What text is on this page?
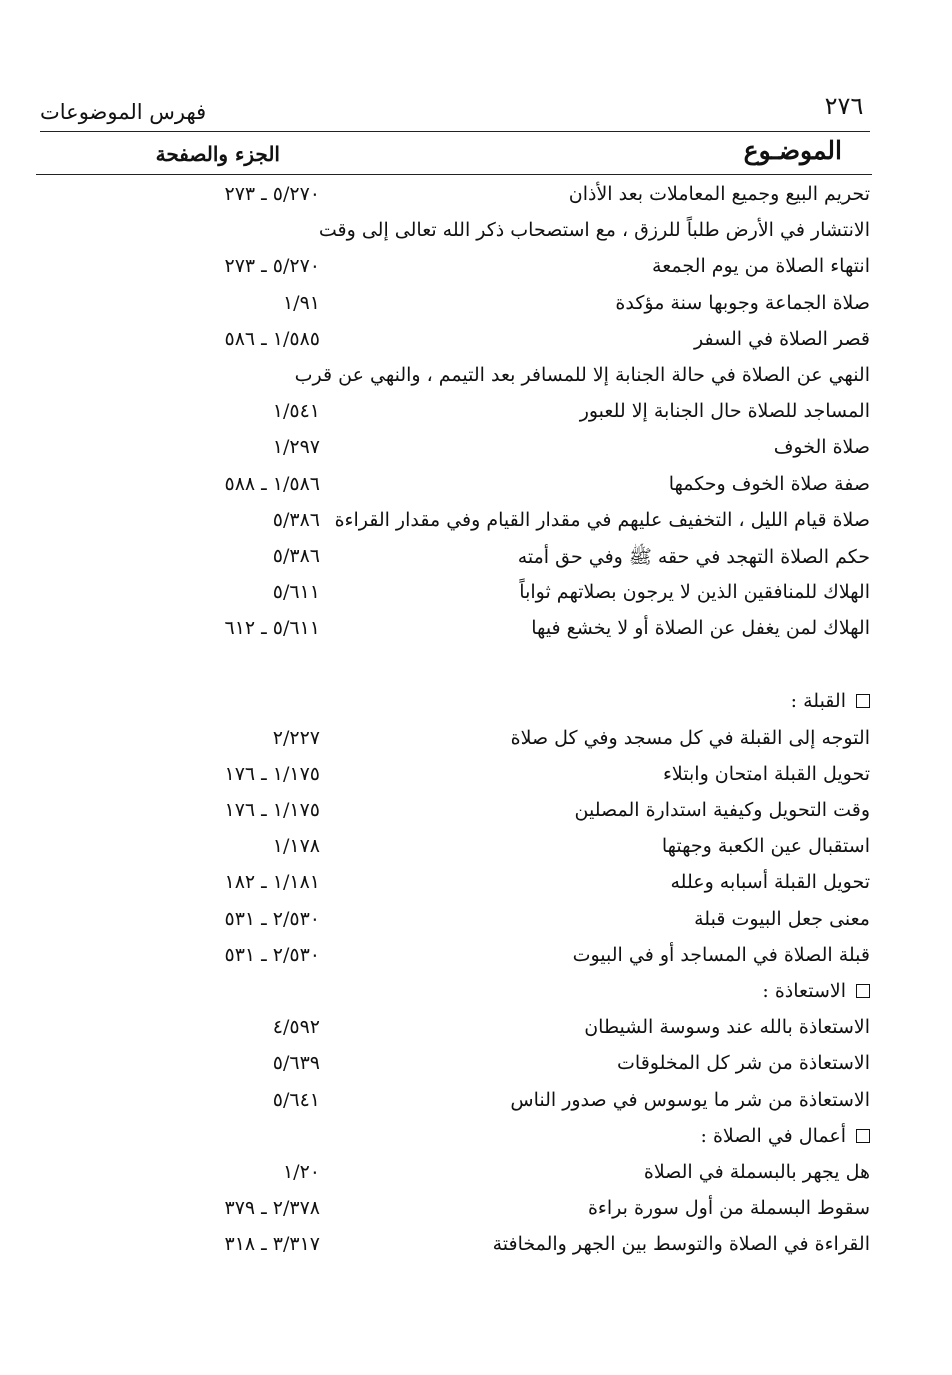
٢٧٦
فهرس الموضوعات
الموضـوع
الجزء والصفحة
تحريم البيع وجميع المعاملات بعد الأذان
٥/٢٧٠ ـ ٢٧٣
الانتشار في الأرض طلباً للرزق ، مع استصحاب ذكر الله تعالى إلى وقت
انتهاء الصلاة من يوم الجمعة
٥/٢٧٠ ـ ٢٧٣
صلاة الجماعة وجوبها سنة مؤكدة
١/٩١
قصر الصلاة في السفر
١/٥٨٥ ـ ٥٨٦
النهي عن الصلاة في حالة الجنابة إلا للمسافر بعد التيمم ، والنهي عن قرب
المساجد للصلاة حال الجنابة إلا للعبور
١/٥٤١
صلاة الخوف
١/٢٩٧
صفة صلاة الخوف وحكمها
١/٥٨٦ ـ ٥٨٨
صلاة قيام الليل ، التخفيف عليهم في مقدار القيام وفي مقدار القراءة
٥/٣٨٦
حكم الصلاة التهجد في حقه ﷺ وفي حق أمته
٥/٣٨٦
الهلاك للمنافقين الذين لا يرجون بصلاتهم ثواباً
٥/٦١١
الهلاك لمن يغفل عن الصلاة أو لا يخشع فيها
٥/٦١١ ـ ٦١٢
القبلة :
التوجه إلى القبلة في كل مسجد وفي كل صلاة
٢/٢٢٧
تحويل القبلة امتحان وابتلاء
١/١٧٥ ـ ١٧٦
وقت التحويل وكيفية استدارة المصلين
١/١٧٥ ـ ١٧٦
استقبال عين الكعبة وجهتها
١/١٧٨
تحويل القبلة أسبابه وعلله
١/١٨١ ـ ١٨٢
معنى جعل البيوت قبلة
٢/٥٣٠ ـ ٥٣١
قبلة الصلاة في المساجد أو في البيوت
٢/٥٣٠ ـ ٥٣١
الاستعاذة :
الاستعاذة بالله عند وسوسة الشيطان
٤/٥٩٢
الاستعاذة من شر كل المخلوقات
٥/٦٣٩
الاستعاذة من شر ما يوسوس في صدور الناس
٥/٦٤١
أعمال في الصلاة :
هل يجهر بالبسملة في الصلاة
١/٢٠
سقوط البسملة من أول سورة براءة
٢/٣٧٨ ـ ٣٧٩
القراءة في الصلاة والتوسط بين الجهر والمخافتة
٣/٣١٧ ـ ٣١٨
